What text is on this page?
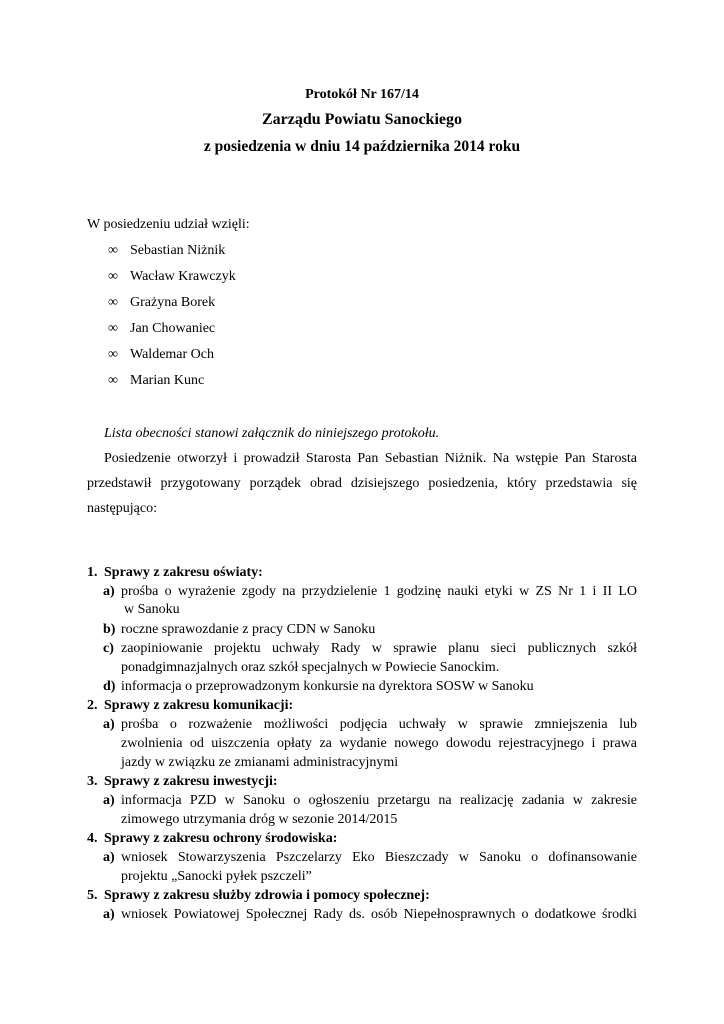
Protokół Nr 167/14
Zarządu Powiatu Sanockiego
z posiedzenia w dniu 14 października 2014 roku
W posiedzeniu udział wzięli:
∞ Sebastian Niżnik
∞ Wacław Krawczyk
∞ Grażyna Borek
∞ Jan Chowaniec
∞ Waldemar Och
∞ Marian Kunc
Lista obecności stanowi załącznik do niniejszego protokołu.
Posiedzenie otworzył i prowadził Starosta Pan Sebastian Niżnik. Na wstępie Pan Starosta
przedstawił przygotowany porządek obrad dzisiejszego posiedzenia, który przedstawia się
następująco:
1. Sprawy z zakresu oświaty:
a) prośba o wyrażenie zgody na przydzielenie 1 godzinę nauki etyki w ZS Nr 1 i II LO
w Sanoku
b) roczne sprawozdanie z pracy CDN w Sanoku
c) zaopiniowanie projektu uchwały Rady w sprawie planu sieci publicznych szkół
ponadgimnazjalnych oraz szkół specjalnych w Powiecie Sanockim.
d) informacja o przeprowadzonym konkursie na dyrektora SOSW w Sanoku
2. Sprawy z zakresu komunikacji:
a) prośba o rozważenie możliwości podjęcia uchwały w sprawie zmniejszenia lub
zwolnienia od uiszczenia opłaty za wydanie nowego dowodu rejestracyjnego i prawa
jazdy w związku ze zmianami administracyjnymi
3. Sprawy z zakresu inwestycji:
a) informacja PZD w Sanoku o ogłoszeniu przetargu na realizację zadania w zakresie
zimowego utrzymania dróg w sezonie 2014/2015
4. Sprawy z zakresu ochrony środowiska:
a) wniosek Stowarzyszenia Pszczelarzy Eko Bieszczady w Sanoku o dofinansowanie
projektu „Sanocki pyłek pszczeli”
5. Sprawy z zakresu służby zdrowia i pomocy społecznej:
a) wniosek Powiatowej Społecznej Rady ds. osób Niepełnosprawnych o dodatkowe środki
